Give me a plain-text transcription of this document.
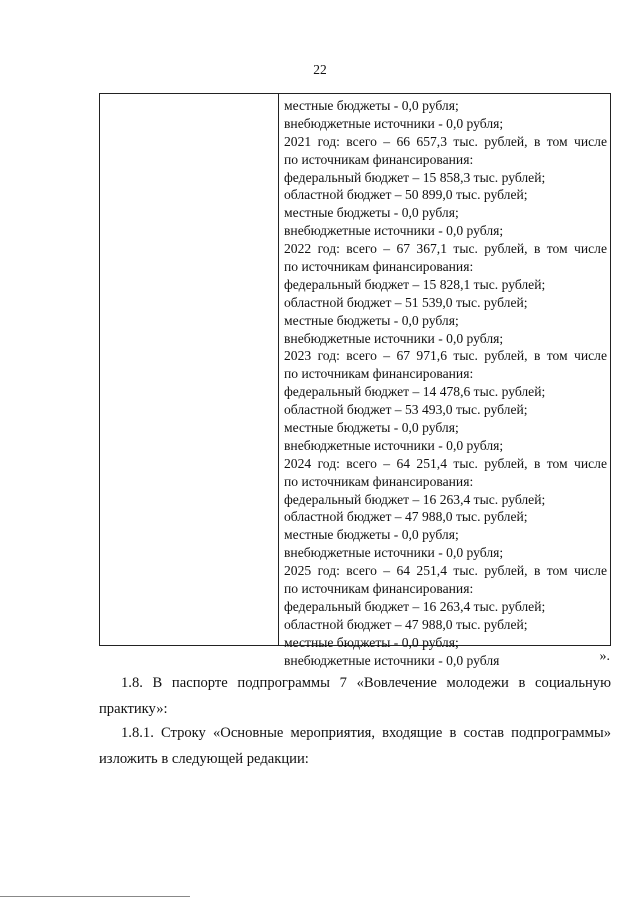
22
местные бюджеты - 0,0 рубля;
внебюджетные источники - 0,0 рубля;
2021 год: всего – 66 657,3 тыс. рублей, в том числе
по источникам финансирования:
федеральный бюджет – 15 858,3 тыс. рублей;
областной бюджет – 50 899,0 тыс. рублей;
местные бюджеты - 0,0 рубля;
внебюджетные источники - 0,0 рубля;
2022 год: всего – 67 367,1 тыс. рублей, в том числе
по источникам финансирования:
федеральный бюджет – 15 828,1 тыс. рублей;
областной бюджет – 51 539,0 тыс. рублей;
местные бюджеты - 0,0 рубля;
внебюджетные источники - 0,0 рубля;
2023 год: всего – 67 971,6 тыс. рублей, в том числе
по источникам финансирования:
федеральный бюджет – 14 478,6 тыс. рублей;
областной бюджет – 53 493,0 тыс. рублей;
местные бюджеты - 0,0 рубля;
внебюджетные источники - 0,0 рубля;
2024 год: всего – 64 251,4 тыс. рублей, в том числе
по источникам финансирования:
федеральный бюджет – 16 263,4 тыс. рублей;
областной бюджет – 47 988,0 тыс. рублей;
местные бюджеты - 0,0 рубля;
внебюджетные источники - 0,0 рубля;
2025 год: всего – 64 251,4 тыс. рублей, в том числе
по источникам финансирования:
федеральный бюджет – 16 263,4 тыс. рублей;
областной бюджет – 47 988,0 тыс. рублей;
местные бюджеты - 0,0 рубля;
внебюджетные источники - 0,0 рубля	».
1.8. В паспорте подпрограммы 7 «Вовлечение молодежи в социальную практику»:
1.8.1. Строку «Основные мероприятия, входящие в состав подпрограммы» изложить в следующей редакции:
